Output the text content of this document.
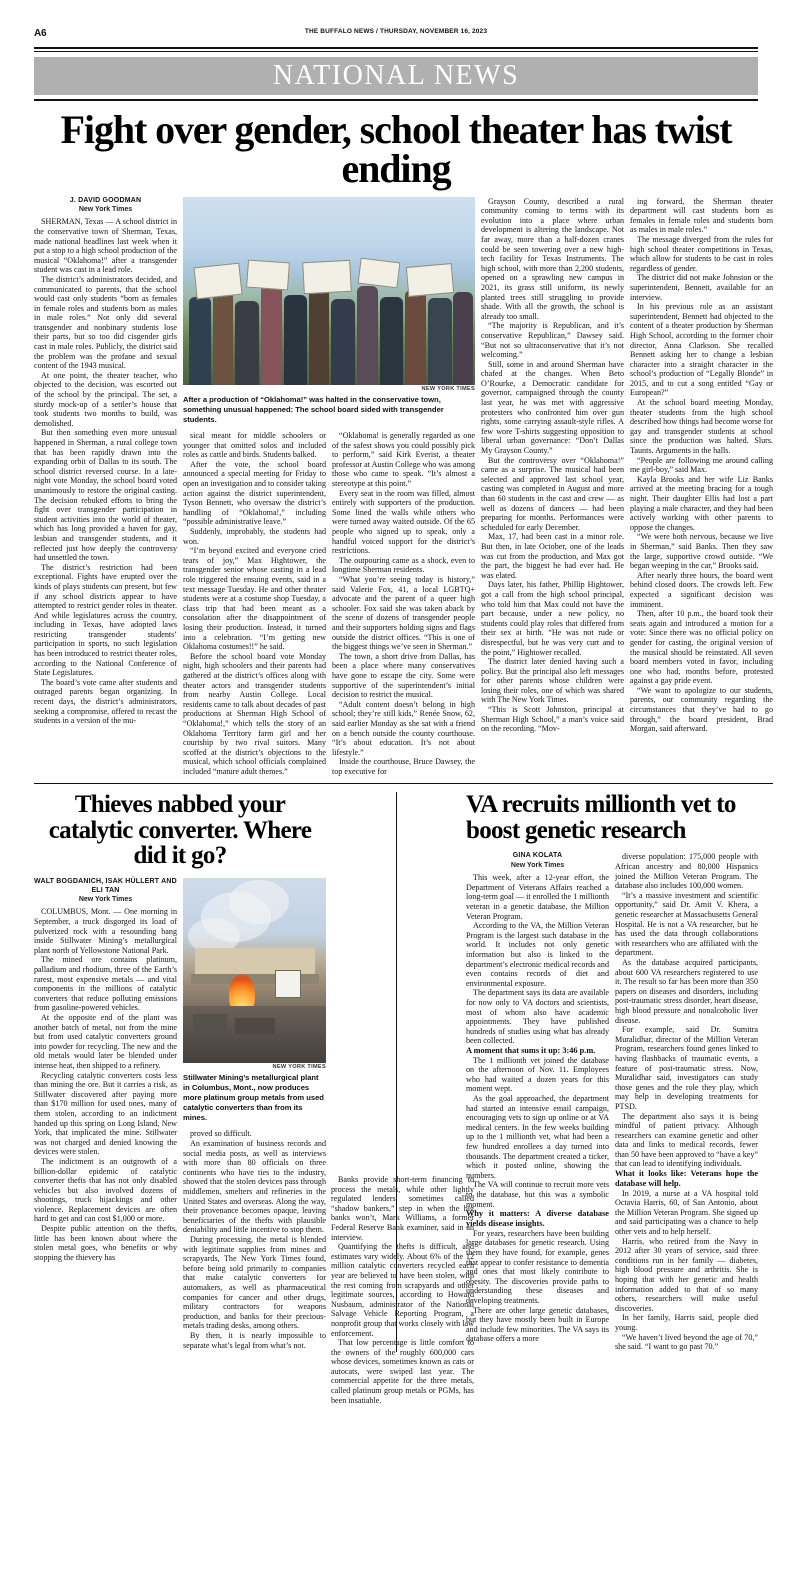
A6	THE BUFFALO NEWS / THURSDAY, NOVEMBER 16, 2023
NATIONAL NEWS
Fight over gender, school theater has twist ending
J. DAVID GOODMAN
New York Times

SHERMAN, Texas — A school district in the conservative town of Sherman, Texas, made national headlines last week when it put a stop to a high school production of the musical “Oklahoma!” after a transgender student was cast in a lead role.

The district’s administrators decided, and communicated to parents, that the school would cast only students “born as females in female roles and students born as males in male roles.” Not only did several transgender and nonbinary students lose their parts, but so too did cisgender girls cast in male roles. Publicly, the district said the problem was the profane and sexual content of the 1943 musical.

At one point, the theater teacher, who objected to the decision, was escorted out of the school by the principal. The set, a sturdy mock-up of a settler’s house that took students two months to build, was demolished.

But then something even more unusual happened in Sherman, a rural college town that has been rapidly drawn into the expanding orbit of Dallas to its south. The school district reversed course. In a late-night vote Monday, the school board voted unanimously to restore the original casting. The decision rebuked efforts to bring the fight over transgender participation in student activities into the world of theater, which has long provided a haven for gay, lesbian and transgender students, and it reflected just how deeply the controversy had unsettled the town.

The district’s restriction had been exceptional. Fights have erupted over the kinds of plays students can present, but few if any school districts appear to have attempted to restrict gender roles in theater. And while legislatures across the country, including in Texas, have adopted laws restricting transgender students’ participation in sports, no such legislation has been introduced to restrict theater roles, according to the National Conference of State Legislatures.

The board’s vote came after students and outraged parents began organizing. In recent days, the district’s administrators, seeking a compromise, offered to recast the students in a version of the mu-

NEW YORK TIMES
After a production of “Oklahoma!” was halted in the conservative town, something unusual happened: The school board sided with transgender students.

sical meant for middle schoolers or younger that omitted solos and included roles as cattle and birds. Students balked.

After the vote, the school board announced a special meeting for Friday to open an investigation and to consider taking action against the district superintendent, Tyson Bennett, who oversaw the district’s handling of “Oklahoma!,” including “possible administrative leave.”

Suddenly, improbably, the students had won.

“I’m beyond excited and everyone cried tears of joy,” Max Hightower, the transgender senior whose casting in a lead role triggered the ensuing events, said in a text message Tuesday. He and other theater students were at a costume shop Tuesday, a class trip that had been meant as a consolation after the disappointment of losing their production. Instead, it turned into a celebration. “I’m getting new Oklahoma costumes!!” he said.

Before the school board vote Monday night, high schoolers and their parents had gathered at the district’s offices along with theater actors and transgender students from nearby Austin College. Local residents came to talk about decades of past productions at Sherman High School of “Oklahoma!,” which tells the story of an Oklahoma Territory farm girl and her courtship by two rival suitors. Many scoffed at the district’s objections to the musical, which school officials complained included “mature adult themes.”

“Oklahoma! is generally regarded as one of the safest shows you could possibly pick to perform,” said Kirk Everist, a theater professor at Austin College who was among those who came to speak. “It’s almost a stereotype at this point.”

Every seat in the room was filled, almost entirely with supporters of the production. Some lined the walls while others who were turned away waited outside. Of the 65 people who signed up to speak, only a handful voiced support for the district’s restrictions.

The outpouring came as a shock, even to longtime Sherman residents.

“What you’re seeing today is history,” said Valerie Fox, 41, a local LGBTQ+ advocate and the parent of a queer high schooler. Fox said she was taken aback by the scene of dozens of transgender people and their supporters holding signs and flags outside the district offices. “This is one of the biggest things we’ve seen in Sherman.”

The town, a short drive from Dallas, has been a place where many conservatives have gone to escape the city. Some were supportive of the superintendent’s initial decision to restrict the musical.

“Adult content doesn’t belong in high school; they’re still kids,” Renée Snow, 62, said earlier Monday as she sat with a friend on a bench outside the county courthouse. “It’s about education. It’s not about lifestyle.”

Inside the courthouse, Bruce Dawsey, the top executive for

Grayson County, described a rural community coming to terms with its evolution into a place where urban development is altering the landscape. Not far away, more than a half-dozen cranes could be seen towering over a new high-tech facility for Texas Instruments. The high school, with more than 2,200 students, opened on a sprawling new campus in 2021, its grass still uniform, its newly planted trees still struggling to provide shade. With all the growth, the school is already too small.

“The majority is Republican, and it’s conservative Republican,” Dawsey said. “But not so ultraconservative that it’s not welcoming.”

Still, some in and around Sherman have chafed at the changes. When Beto O’Rourke, a Democratic candidate for governor, campaigned through the county last year, he was met with aggressive protesters who confronted him over gun rights, some carrying assault-style rifles. A few wore T-shirts suggesting opposition to liberal urban governance: “Don’t Dallas My Grayson County.”

But the controversy over “Oklahoma!” came as a surprise. The musical had been selected and approved last school year, casting was completed in August and more than 60 students in the cast and crew — as well as dozens of dancers — had been preparing for months. Performances were scheduled for early December.

Max, 17, had been cast in a minor role. But then, in late October, one of the leads was cut from the production, and Max got the part, the biggest he had ever had. He was elated.

Days later, his father, Phillip Hightower, got a call from the high school principal, who told him that Max could not have the part because, under a new policy, no students could play roles that differed from their sex at birth. “He was not rude or disrespectful, but he was very curt and to the point,” Hightower recalled.

The district later denied having such a policy. But the principal also left messages for other parents whose children were losing their roles, one of which was shared with The New York Times.

“This is Scott Johnston, principal at Sherman High School,” a man’s voice said on the recording. “Mov-

ing forward, the Sherman theater department will cast students born as females in female roles and students born as males in male roles.”

The message diverged from the rules for high school theater competitions in Texas, which allow for students to be cast in roles regardless of gender.

The district did not make Johnston or the superintendent, Bennett, available for an interview.

In his previous role as an assistant superintendent, Bennett had objected to the content of a theater production by Sherman High School, according to the former choir director, Anna Clarkson. She recalled Bennett asking her to change a lesbian character into a straight character in the school’s production of “Legally Blonde” in 2015, and to cut a song entitled “Gay or European?”

At the school board meeting Monday, theater students from the high school described how things had become worse for gay and transgender students at school since the production was halted. Slurs. Taunts. Arguments in the halls.

“People are following me around calling me girl-boy,” said Max.

Kayla Brooks and her wife Liz Banks arrived at the meeting bracing for a tough night. Their daughter Ellis had lost a part playing a male character, and they had been actively working with other parents to oppose the changes.

“We were both nervous, because we live in Sherman,” said Banks. Then they saw the large, supportive crowd outside. “We began weeping in the car,” Brooks said.

After nearly three hours, the board went behind closed doors. The crowds left. Few expected a significant decision was imminent.

Then, after 10 p.m., the board took their seats again and introduced a motion for a vote: Since there was no official policy on gender for casting, the original version of the musical should be reinstated. All seven board members voted in favor, including one who had, months before, protested against a gay pride event.

“We want to apologize to our students, parents, our community regarding the circumstances that they’ve had to go through,” the board president, Brad Morgan, said afterward.

Thieves nabbed your catalytic converter. Where did it go?
WALT BOGDANICH, ISAK HÜLLERT AND ELI TAN
New York Times

COLUMBUS, Mont. — One morning in September, a truck disgorged its load of pulverized rock with a resounding bang inside Stillwater Mining’s metallurgical plant north of Yellowstone National Park.

The mined ore contains platinum, palladium and rhodium, three of the Earth’s rarest, most expensive metals — and vital components in the millions of catalytic converters that reduce polluting emissions from gasoline-powered vehicles.

At the opposite end of the plant was another batch of metal, not from the mine but from used catalytic converters ground into powder for recycling. The new and the old metals would later be blended under intense heat, then shipped to a refinery.

Recycling catalytic converters costs less than mining the ore. But it carries a risk, as Stillwater discovered after paying more than $170 million for used ones, many of them stolen, according to an indictment handed up this spring on Long Island, New York, that implicated the mine. Stillwater was not charged and denied knowing the devices were stolen.

The indictment is an outgrowth of a billion-dollar epidemic of catalytic converter thefts that has not only disabled vehicles but also involved dozens of shootings, truck hijackings and other violence. Replacement devices are often hard to get and can cost $1,000 or more.

Despite public attention on the thefts, little has been known about where the stolen metal goes, who benefits or why stopping the thievery has

NEW YORK TIMES
Stillwater Mining’s metallurgical plant in Columbus, Mont., now produces more platinum group metals from used catalytic converters than from its mines.

proved so difficult.

An examination of business records and social media posts, as well as interviews with more than 80 officials on three continents who have ties to the industry, showed that the stolen devices pass through middlemen, smelters and refineries in the United States and overseas. Along the way, their provenance becomes opaque, leaving beneficiaries of the thefts with plausible deniability and little incentive to stop them.

During processing, the metal is blended with legitimate supplies from mines and scrapyards, The New York Times found, before being sold primarily to companies that make catalytic converters for automakers, as well as pharmaceutical companies for cancer and other drugs, military contractors for weapons production, and banks for their precious-metals trading desks, among others.

By then, it is nearly impossible to separate what’s legal from what’s not.

VA recruits millionth vet to boost genetic research
GINA KOLATA
New York Times

This week, after a 12-year effort, the Department of Veterans Affairs reached a long-term goal — it enrolled the 1 millionth veteran in a genetic database, the Million Veteran Program.

According to the VA, the Million Veteran Program is the largest such database in the world. It includes not only genetic information but also is linked to the department’s electronic medical records and even contains records of diet and environmental exposure.

The department says its data are available for now only to VA doctors and scientists, most of whom also have academic appointments. They have published hundreds of studies using what has already been collected.

A moment that sums it up: 3:46 p.m.

The 1 millionth vet joined the database on the afternoon of Nov. 11. Employees who had waited a dozen years for this moment wept.

As the goal approached, the department had started an intensive email campaign, encouraging vets to sign up online or at VA medical centers. In the few weeks building up to the 1 millionth vet, what had been a few hundred enrollees a day turned into thousands. The department created a ticker, which it posted online, showing the numbers.

The VA will continue to recruit more vets to the database, but this was a symbolic moment.

Why it matters: A diverse database yields disease insights.

For years, researchers have been building large databases for genetic research. Using them they have found, for example, genes that appear to confer resistance to dementia and ones that most likely contribute to obesity. The discoveries provide paths to understanding these diseases and developing treatments.

There are other large genetic databases, but they have mostly been built in Europe and include few minorities. The VA says its database offers a more

diverse population: 175,000 people with African ancestry and 80,000 Hispanics joined the Million Veteran Program. The database also includes 100,000 women.

“It’s a massive investment and scientific opportunity,” said Dr. Amit V. Khera, a genetic researcher at Massachusetts General Hospital. He is not a VA researcher, but he has used the data through collaborations with researchers who are affiliated with the department.

As the database acquired participants, about 600 VA researchers registered to use it. The result so far has been more than 350 papers on diseases and disorders, including post-traumatic stress disorder, heart disease, high blood pressure and nonalcoholic liver disease.

For example, said Dr. Sumitra Muralidhar, director of the Million Veteran Program, researchers found genes linked to having flashbacks of traumatic events, a feature of post-traumatic stress. Now, Muralidhar said, investigators can study those genes and the role they play, which may help in developing treatments for PTSD.

The department also says it is being mindful of patient privacy. Although researchers can examine genetic and other data and links to medical records, fewer than 50 have been approved to “have a key” that can lead to identifying individuals.

What it looks like: Veterans hope the database will help.

In 2019, a nurse at a VA hospital told Octavia Harris, 60, of San Antonio, about the Million Veteran Program. She signed up and said participating was a chance to help other vets and to help herself.

Harris, who retired from the Navy in 2012 after 30 years of service, said three conditions run in her family — diabetes, high blood pressure and arthritis. She is hoping that with her genetic and health information added to that of so many others, researchers will make useful discoveries.

In her family, Harris said, people died young.

“We haven’t lived beyond the age of 70,” she said. “I want to go past 70.”

Banks provide short-term financing to process the metals, while other lightly regulated lenders, sometimes called “shadow bankers,” step in when the big banks won’t, Mark Williams, a former Federal Reserve Bank examiner, said in an interview.

Quantifying the thefts is difficult, and estimates vary widely. About 6% of the 12 million catalytic converters recycled each year are believed to have been stolen, with the rest coming from scrapyards and other legitimate sources, according to Howard Nusbaum, administrator of the National Salvage Vehicle Reporting Program, a nonprofit group that works closely with law enforcement.

That low percentage is little comfort to the owners of the roughly 600,000 cars whose devices, sometimes known as cats or autocats, were swiped last year. The commercial appetite for the three metals, called platinum group metals or PGMs, has been insatiable.
